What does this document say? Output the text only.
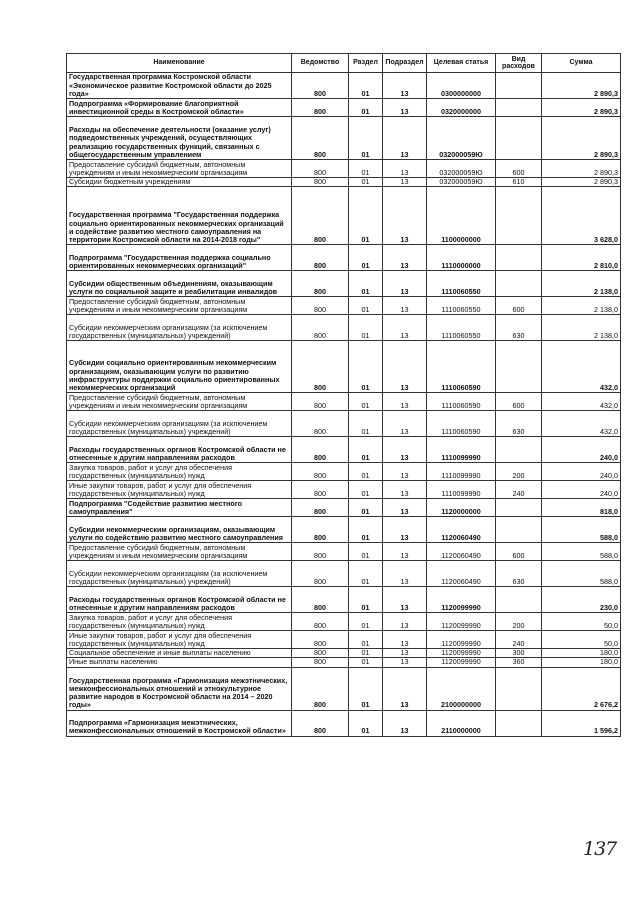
Наименование	Ведомство	Раздел	Подраздел	Целевая статья	Вид расходов	Сумма
Государственная программа Костромской области «Экономическое развитие Костромской области до 2025 года»	800	01	13	0300000000		2 890,3
Подпрограмма «Формирование благоприятной инвестиционной среды в Костромской области»	800	01	13	0320000000		2 890,3
Расходы на обеспечение деятельности (оказание услуг) подведомственных учреждений, осуществляющих реализацию государственных функций, связанных с общегосударственным управлением	800	01	13	032000059Ю		2 890,3
Предоставление субсидий бюджетным, автономным учреждениям и иным некоммерческим организациям	800	01	13	032000059Ю	600	2 890,3
Субсидии бюджетным учреждениям	800	01	13	032000059Ю	610	2 890,3
Государственная программа "Государственная поддержка социально ориентированных некоммерческих организаций и содействие развитию местного самоуправления на территории Костромской области на 2014-2018 годы"	800	01	13	1100000000		3 628,0
Подпрограмма "Государственная поддержка социально ориентированных некоммерческих организаций"	800	01	13	1110000000		2 810,0
Субсидии общественным объединениям, оказывающим услуги по социальной защите и реабилитации инвалидов	800	01	13	1110060550		2 138,0
Предоставление субсидий бюджетным, автономным учреждениям и иным некоммерческим организациям	800	01	13	1110060550	600	2 138,0
Субсидии некоммерческим организациям (за исключением государственных (муниципальных) учреждений)	800	01	13	1110060550	630	2 138,0
Субсидии социально ориентированным некоммерческим организациям, оказывающим услуги по развитию инфраструктуры поддержки социально ориентированных некоммерческих организаций	800	01	13	1110060590		432,0
Предоставление субсидий бюджетным, автономным учреждениям и иным некоммерческим организациям	800	01	13	1110060590	600	432,0
Субсидии некоммерческим организациям (за исключением государственных (муниципальных) учреждений)	800	01	13	1110060590	630	432,0
Расходы государственных органов Костромской области не отнесенные к другим направлениям расходов	800	01	13	1110099990		240,0
Закупка товаров, работ и услуг для обеспечения государственных (муниципальных) нужд	800	01	13	1110099990	200	240,0
Иные закупки товаров, работ и услуг для обеспечения государственных (муниципальных) нужд	800	01	13	1110099990	240	240,0
Подпрограмма "Содействие развитию местного самоуправления"	800	01	13	1120000000		818,0
Субсидии некоммерческим организациям, оказывающим услуги по содействию развитию местного самоуправления	800	01	13	1120060490		588,0
Предоставление субсидий бюджетным, автономным учреждениям и иным некоммерческим организациям	800	01	13	1120060490	600	588,0
Субсидии некоммерческим организациям (за исключением государственных (муниципальных) учреждений)	800	01	13	1120060490	630	588,0
Расходы государственных органов Костромской области не отнесенные к другим направлениям расходов	800	01	13	1120099990		230,0
Закупка товаров, работ и услуг для обеспечения государственных (муниципальных) нужд	800	01	13	1120099990	200	50,0
Иные закупки товаров, работ и услуг для обеспечения государственных (муниципальных) нужд	800	01	13	1120099990	240	50,0
Социальное обеспечение и иные выплаты населению	800	01	13	1120099990	300	180,0
Иные выплаты населению	800	01	13	1120099990	360	180,0
Государственная программа «Гармонизация межэтнических, межконфессиональных отношений и этнокультурное развитие народов в Костромской области на 2014 – 2020 годы»	800	01	13	2100000000		2 676,2
Подпрограмма «Гармонизация межэтнических, межконфессиональных отношений в Костромской области»	800	01	13	2110000000		1 596,2
137
